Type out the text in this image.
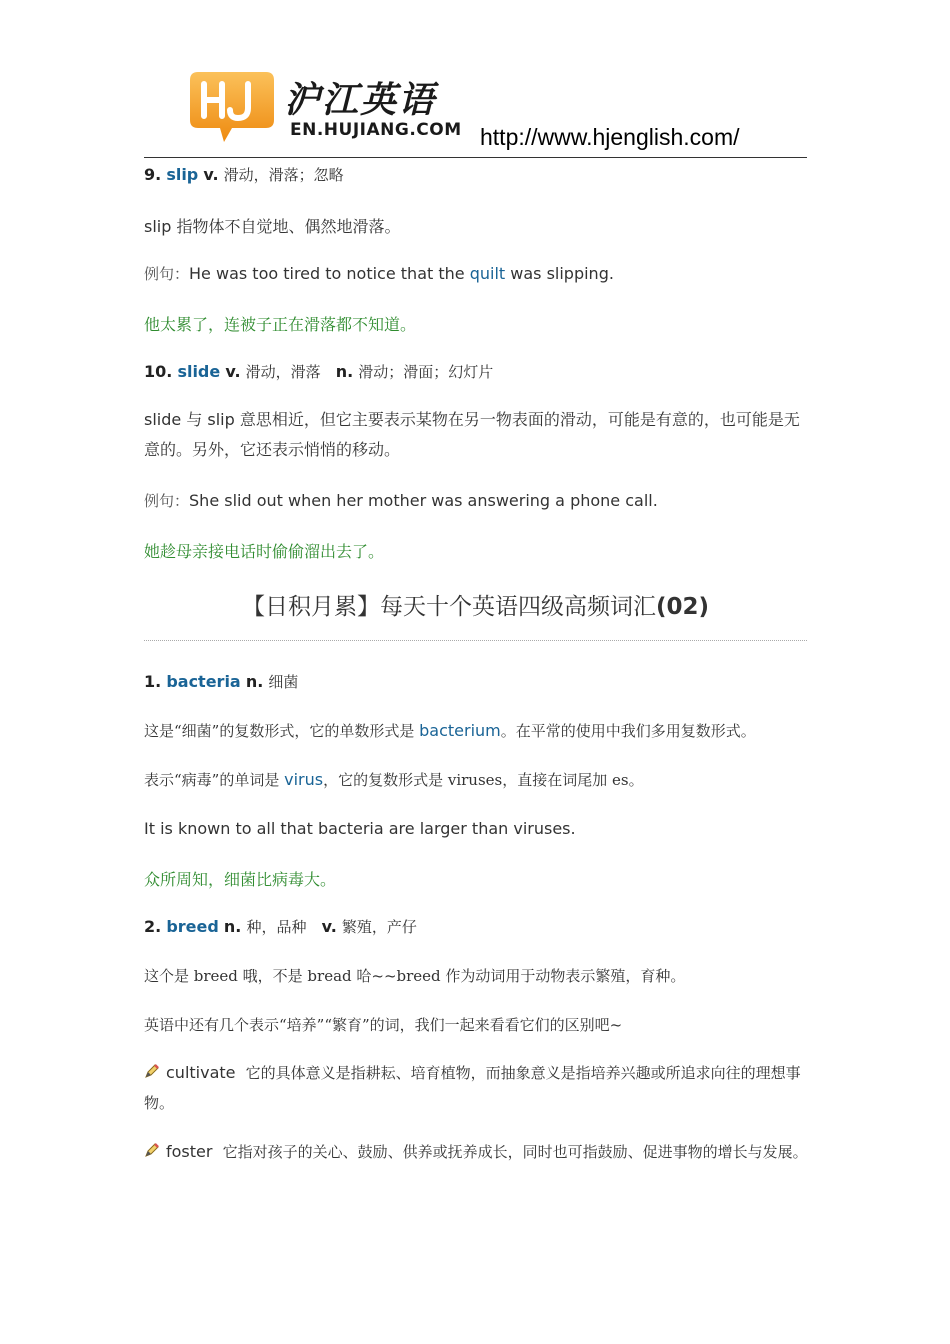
沪江英语
EN.HUJIANG.COM http://www.hjenglish.com/
9. slip v. 滑动，滑落；忽略
slip 指物体不自觉地、偶然地滑落。
例句：He was too tired to notice that the quilt was slipping.
他太累了，连被子正在滑落都不知道。
10. slide v. 滑动，滑落 n. 滑动；滑面；幻灯片
slide 与 slip 意思相近，但它主要表示某物在另一物表面的滑动，可能是有意的，也可能是无意的。另外，它还表示悄悄的移动。
例句：She slid out when her mother was answering a phone call.
她趁母亲接电话时偷偷溜出去了。
【日积月累】每天十个英语四级高频词汇(02)
1. bacteria n. 细菌
这是“细菌”的复数形式，它的单数形式是 bacterium。在平常的使用中我们多用复数形式。
表示“病毒”的单词是 virus，它的复数形式是 viruses，直接在词尾加 es。
It is known to all that bacteria are larger than viruses.
众所周知，细菌比病毒大。
2. breed n. 种，品种 v. 繁殖，产仔
这个是 breed 哦，不是 bread 哈~~breed 作为动词用于动物表示繁殖，育种。
英语中还有几个表示“培养”“繁育”的词，我们一起来看看它们的区别吧~
cultivate 它的具体意义是指耕耘、培育植物，而抽象意义是指培养兴趣或所追求向往的理想事物。
foster 它指对孩子的关心、鼓励、供养或抚养成长，同时也可指鼓励、促进事物的增长与发展。
